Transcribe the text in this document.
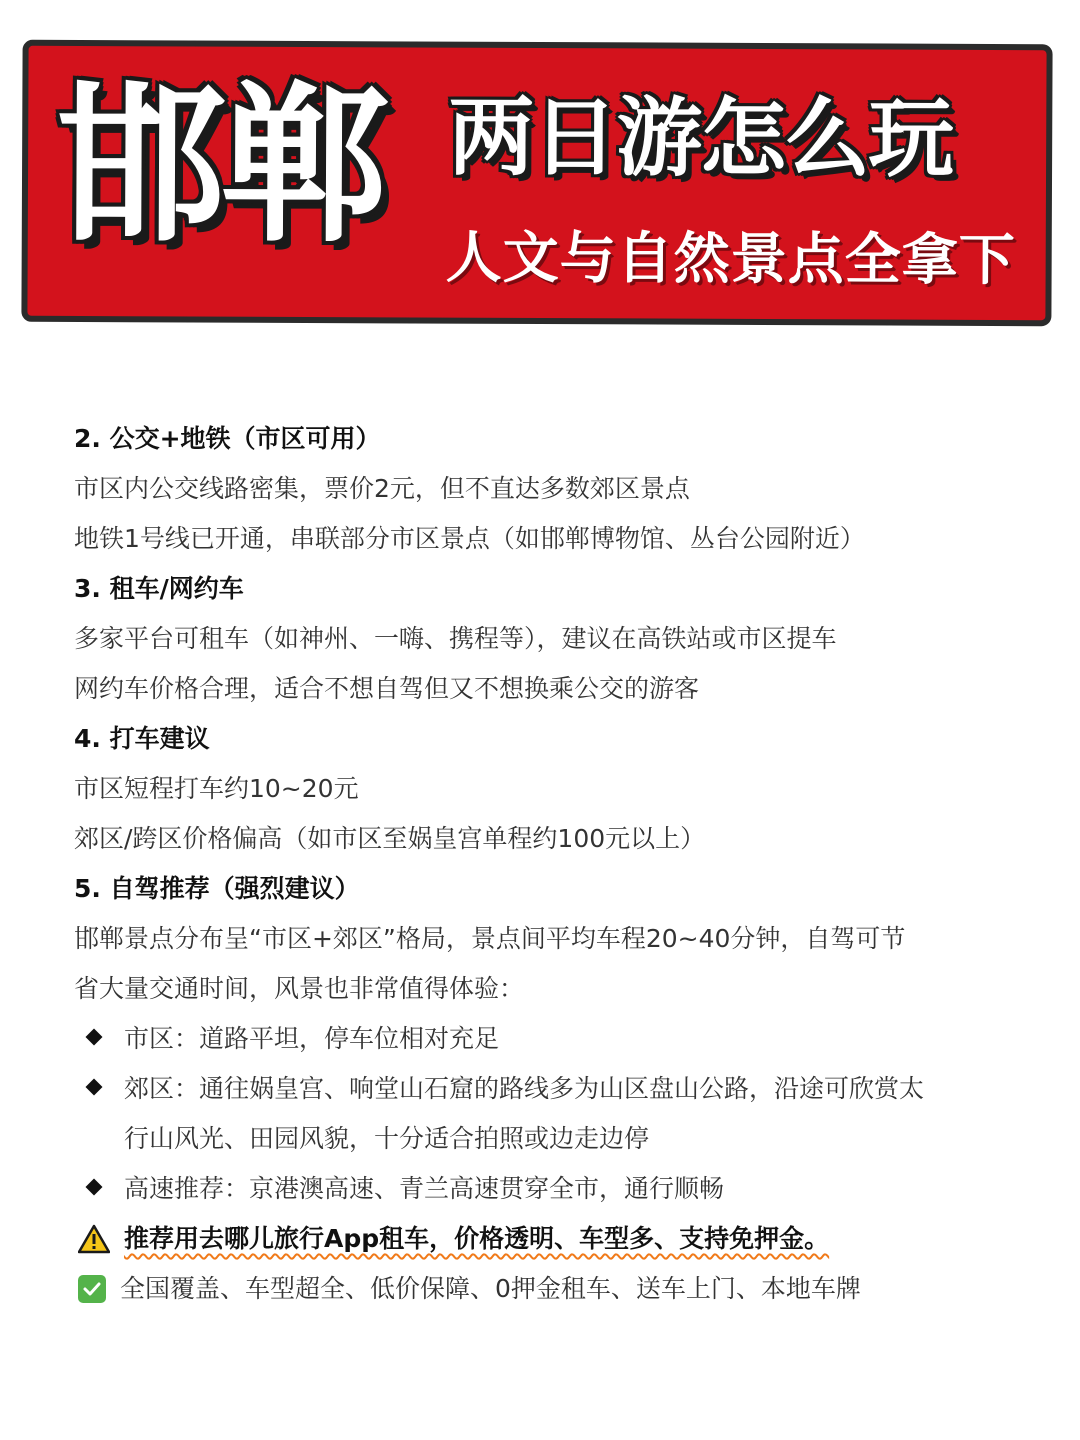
邯郸 两日游怎么玩
人文与自然景点全拿下
2. 公交+地铁（市区可用）
市区内公交线路密集，票价2元，但不直达多数郊区景点
地铁1号线已开通，串联部分市区景点（如邯郸博物馆、丛台公园附近）
3. 租车/网约车
多家平台可租车（如神州、一嗨、携程等），建议在高铁站或市区提车
网约车价格合理，适合不想自驾但又不想换乘公交的游客
4. 打车建议
市区短程打车约10~20元
郊区/跨区价格偏高（如市区至娲皇宫单程约100元以上）
5. 自驾推荐（强烈建议）
邯郸景点分布呈“市区+郊区”格局，景点间平均车程20~40分钟，自驾可节
省大量交通时间，风景也非常值得体验：
市区：道路平坦，停车位相对充足
郊区：通往娲皇宫、响堂山石窟的路线多为山区盘山公路，沿途可欣赏太
行山风光、田园风貌，十分适合拍照或边走边停
高速推荐：京港澳高速、青兰高速贯穿全市，通行顺畅
推荐用去哪儿旅行App租车，价格透明、车型多、支持免押金。
全国覆盖、车型超全、低价保障、0押金租车、送车上门、本地车牌
